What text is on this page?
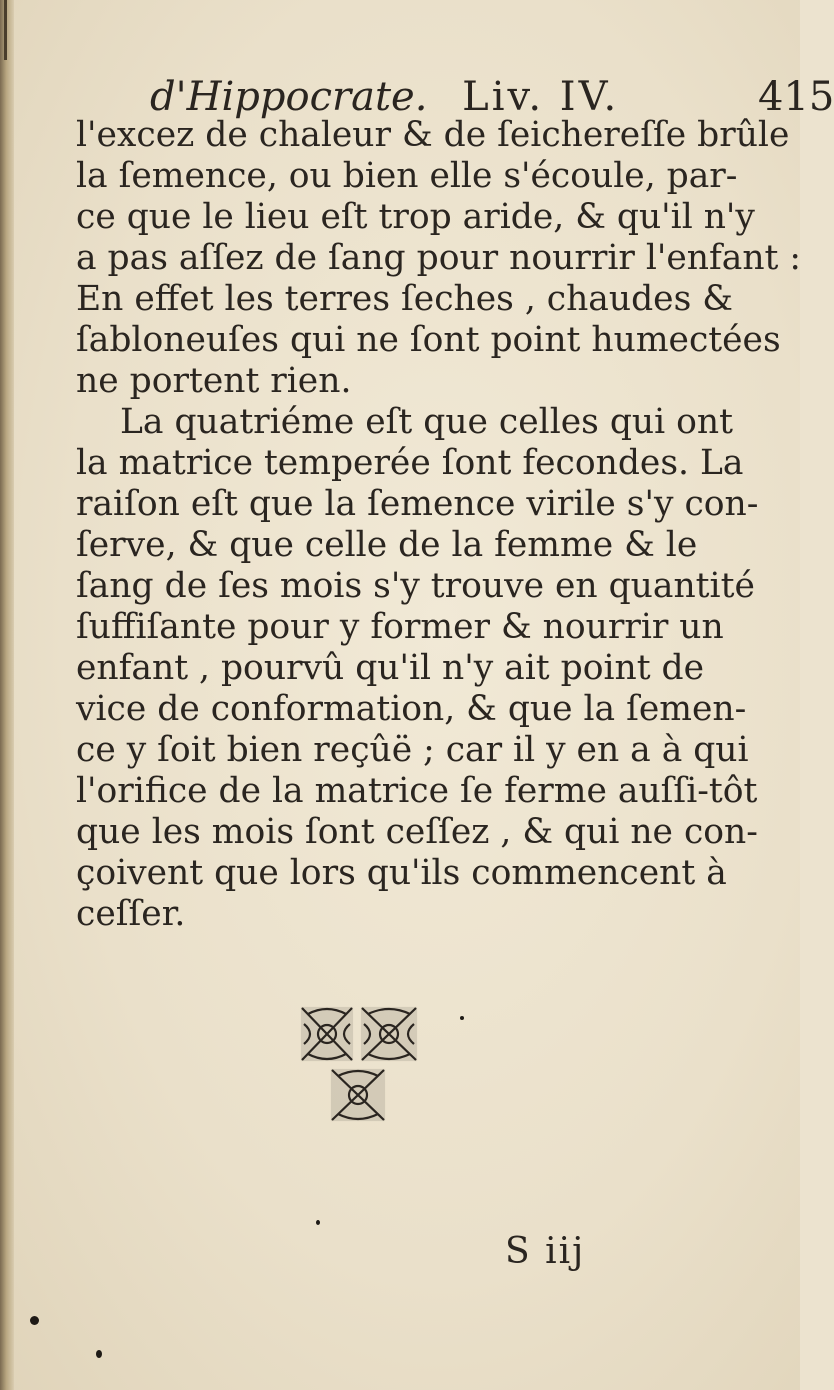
d'Hippocrate. Liv. IV.	415
l'excez de chaleur & de ſeichereſſe brûle
la ſemence, ou bien elle s'écoule, par-
ce que le lieu eſt trop aride, & qu'il n'y
a pas aſſez de ſang pour nourrir l'enfant :
En effet les terres ſeches , chaudes &
ſabloneuſes qui ne ſont point humectées
ne portent rien.
La quatriéme eſt que celles qui ont
la matrice temperée ſont fecondes. La
raiſon eſt que la ſemence virile s'y con-
ſerve, & que celle de la femme & le
ſang de ſes mois s'y trouve en quantité
ſuffiſante pour y former & nourrir un
enfant , pourvû qu'il n'y ait point de
vice de conformation, & que la ſemen-
ce y ſoit bien reçûë ; car il y en a à qui
l'orifice de la matrice ſe ferme auſſi-tôt
que les mois ſont ceſſez , & qui ne con-
çoivent que lors qu'ils commencent à
ceſſer.
S iij
